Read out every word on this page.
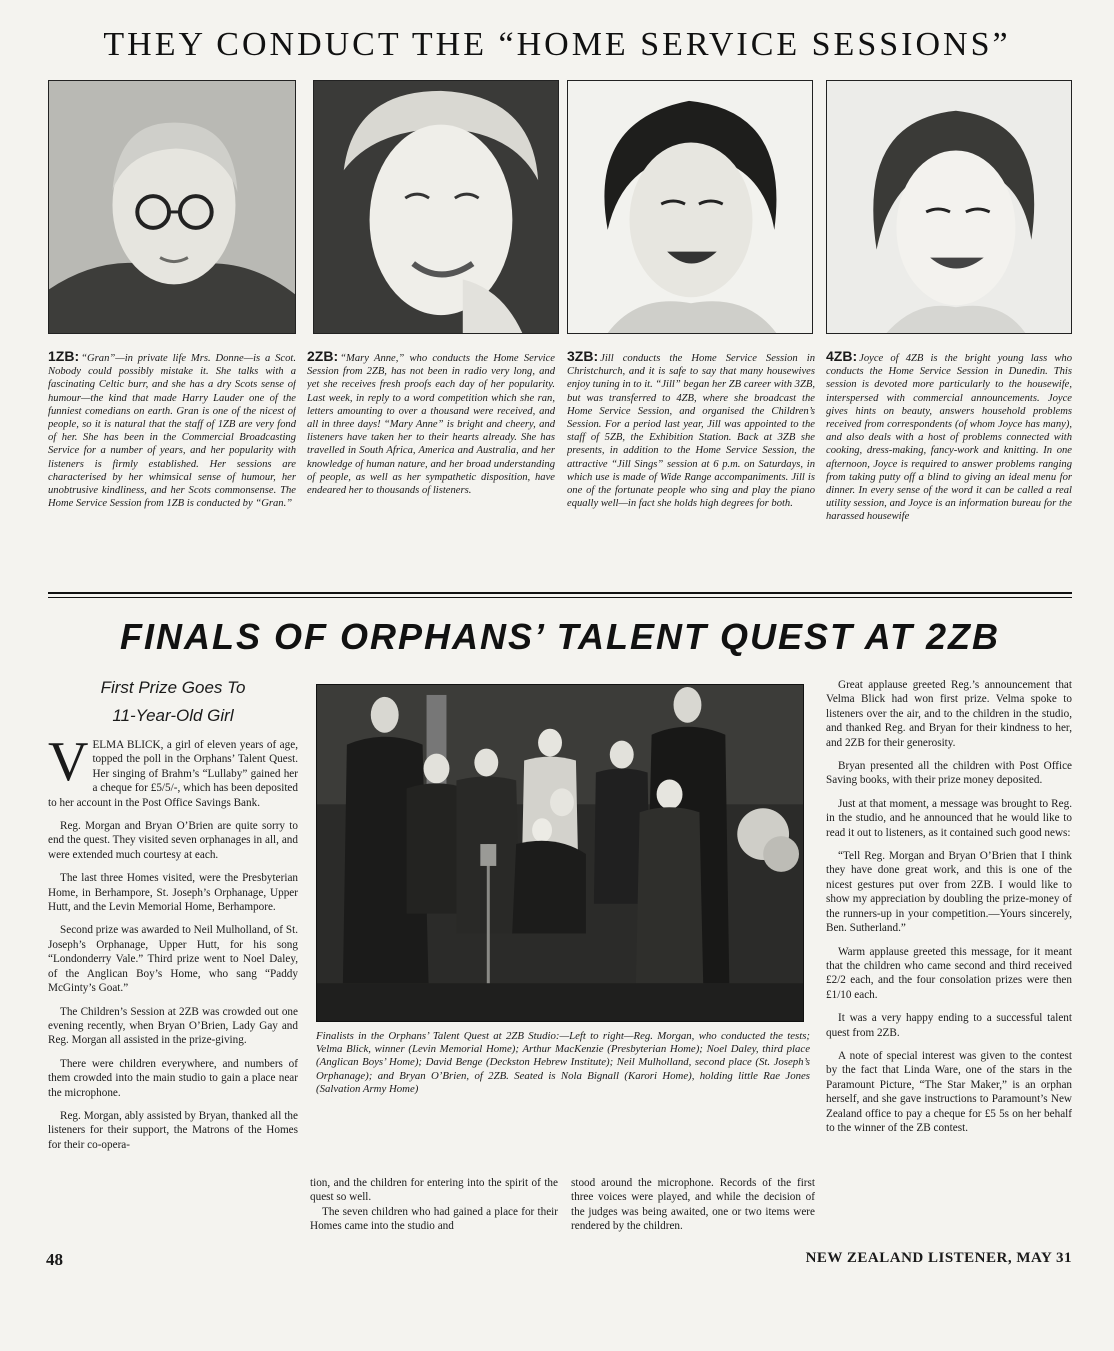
THEY CONDUCT THE “HOME SERVICE SESSIONS”
1ZB: “Gran”—in private life Mrs. Donne—is a Scot. Nobody could possibly mistake it. She talks with a fascinating Celtic burr, and she has a dry Scots sense of humour—the kind that made Harry Lauder one of the funniest comedians on earth. Gran is one of the nicest of people, so it is natural that the staff of 1ZB are very fond of her. She has been in the Commercial Broadcasting Service for a number of years, and her popularity with listeners is firmly established. Her sessions are characterised by her whimsical sense of humour, her unobtrusive kindliness, and her Scots commonsense. The Home Service Session from 1ZB is conducted by “Gran.”
2ZB: “Mary Anne,” who conducts the Home Service Session from 2ZB, has not been in radio very long, and yet she receives fresh proofs each day of her popularity. Last week, in reply to a word competition which she ran, letters amounting to over a thousand were received, and all in three days! “Mary Anne” is bright and cheery, and listeners have taken her to their hearts already. She has travelled in South Africa, America and Australia, and her knowledge of human nature, and her broad understanding of people, as well as her sympathetic disposition, have endeared her to thousands of listeners.
3ZB: Jill conducts the Home Service Session in Christchurch, and it is safe to say that many housewives enjoy tuning in to it. “Jill” began her ZB career with 3ZB, but was transferred to 4ZB, where she broadcast the Home Service Session, and organised the Children’s Session. For a period last year, Jill was appointed to the staff of 5ZB, the Exhibition Station. Back at 3ZB she presents, in addition to the Home Service Session, the attractive “Jill Sings” session at 6 p.m. on Saturdays, in which use is made of Wide Range accompaniments. Jill is one of the fortunate people who sing and play the piano equally well—in fact she holds high degrees for both.
4ZB: Joyce of 4ZB is the bright young lass who conducts the Home Service Session in Dunedin. This session is devoted more particularly to the housewife, interspersed with commercial announcements. Joyce gives hints on beauty, answers household problems received from correspondents (of whom Joyce has many), and also deals with a host of problems connected with cooking, dress-making, fancy-work and knitting. In one afternoon, Joyce is required to answer problems ranging from taking putty off a blind to giving an ideal menu for dinner. In every sense of the word it can be called a real utility session, and Joyce is an information bureau for the harassed housewife
FINALS OF ORPHANS’ TALENT QUEST AT 2ZB
First Prize Goes To
11-Year-Old Girl

VELMA BLICK, a girl of eleven years of age, topped the poll in the Orphans’ Talent Quest. Her singing of Brahm’s “Lullaby” gained her a cheque for £5/5/-, which has been deposited to her account in the Post Office Savings Bank.

Reg. Morgan and Bryan O’Brien are quite sorry to end the quest. They visited seven orphanages in all, and were extended much courtesy at each.

The last three Homes visited, were the Presbyterian Home, in Berhampore, St. Joseph’s Orphanage, Upper Hutt, and the Levin Memorial Home, Berhampore.

Second prize was awarded to Neil Mulholland, of St. Joseph’s Orphanage, Upper Hutt, for his song “Londonderry Vale.” Third prize went to Noel Daley, of the Anglican Boy’s Home, who sang “Paddy McGinty’s Goat.”

The Children’s Session at 2ZB was crowded out one evening recently, when Bryan O’Brien, Lady Gay and Reg. Morgan all assisted in the prize-giving.

There were children everywhere, and numbers of them crowded into the main studio to gain a place near the microphone.

Reg. Morgan, ably assisted by Bryan, thanked all the listeners for their support, the Matrons of the Homes for their co-opera-

Finalists in the Orphans’ Talent Quest at 2ZB Studio:—Left to right—Reg. Morgan, who conducted the tests; Velma Blick, winner (Levin Memorial Home); Arthur MacKenzie (Presbyterian Home); Noel Daley, third place (Anglican Boys’ Home); David Benge (Deckston Hebrew Institute); Neil Mulholland, second place (St. Joseph’s Orphanage); and Bryan O’Brien, of 2ZB. Seated is Nola Bignall (Karori Home), holding little Rae Jones (Salvation Army Home)

tion, and the children for entering into the spirit of the quest so well.

The seven children who had gained a place for their Homes came into the studio and

stood around the microphone. Records of the first three voices were played, and while the decision of the judges was being awaited, one or two items were rendered by the children.

Great applause greeted Reg.’s announcement that Velma Blick had won first prize. Velma spoke to listeners over the air, and to the children in the studio, and thanked Reg. and Bryan for their kindness to her, and 2ZB for their generosity.

Bryan presented all the children with Post Office Saving books, with their prize money deposited.

Just at that moment, a message was brought to Reg. in the studio, and he announced that he would like to read it out to listeners, as it contained such good news:

“Tell Reg. Morgan and Bryan O’Brien that I think they have done great work, and this is one of the nicest gestures put over from 2ZB. I would like to show my appreciation by doubling the prize-money of the runners-up in your competition.—Yours sincerely, Ben. Sutherland.”

Warm applause greeted this message, for it meant that the children who came second and third received £2/2 each, and the four consolation prizes were then £1/10 each.

It was a very happy ending to a successful talent quest from 2ZB.

A note of special interest was given to the contest by the fact that Linda Ware, one of the stars in the Paramount Picture, “The Star Maker,” is an orphan herself, and she gave instructions to Paramount’s New Zealand office to pay a cheque for £5 5s on her behalf to the winner of the ZB contest.

48	NEW ZEALAND LISTENER, MAY 31
